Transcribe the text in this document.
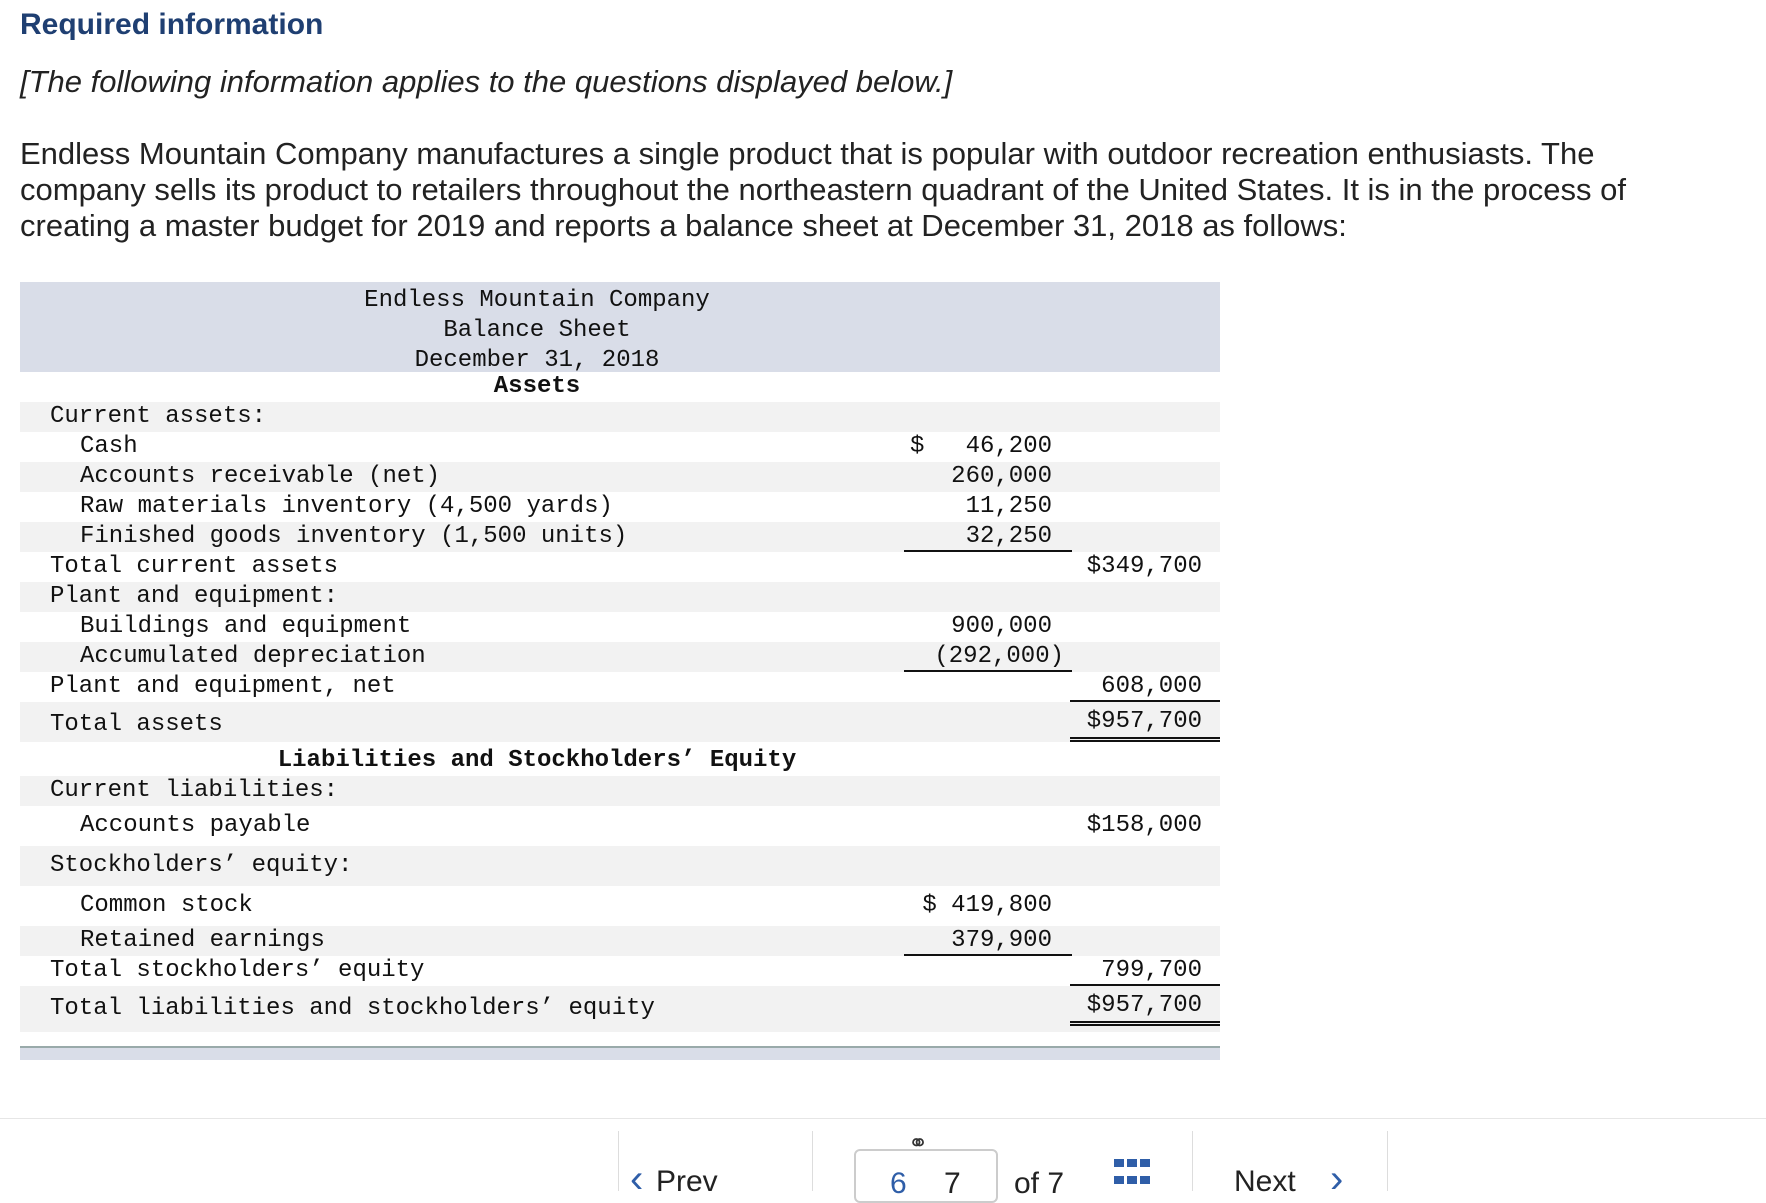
Required information
[The following information applies to the questions displayed below.]
Endless Mountain Company manufactures a single product that is popular with outdoor recreation enthusiasts. The company sells its product to retailers throughout the northeastern quadrant of the United States. It is in the process of creating a master budget for 2019 and reports a balance sheet at December 31, 2018 as follows:
Endless Mountain Company
Balance Sheet
December 31, 2018
Assets
Current assets:
Cash	$ 46,200
Accounts receivable (net)	260,000
Raw materials inventory (4,500 yards)	11,250
Finished goods inventory (1,500 units)	32,250
Total current assets	$349,700
Plant and equipment:
Buildings and equipment	900,000
Accumulated depreciation	(292,000)
Plant and equipment, net	608,000
Total assets	$957,700
Liabilities and Stockholders’ Equity
Current liabilities:
Accounts payable	$158,000
Stockholders’ equity:
Common stock	$ 419,800
Retained earnings	379,900
Total stockholders’ equity	799,700
Total liabilities and stockholders’ equity	$957,700
‹ Prev
⚭
6 7 of 7	Next ›
